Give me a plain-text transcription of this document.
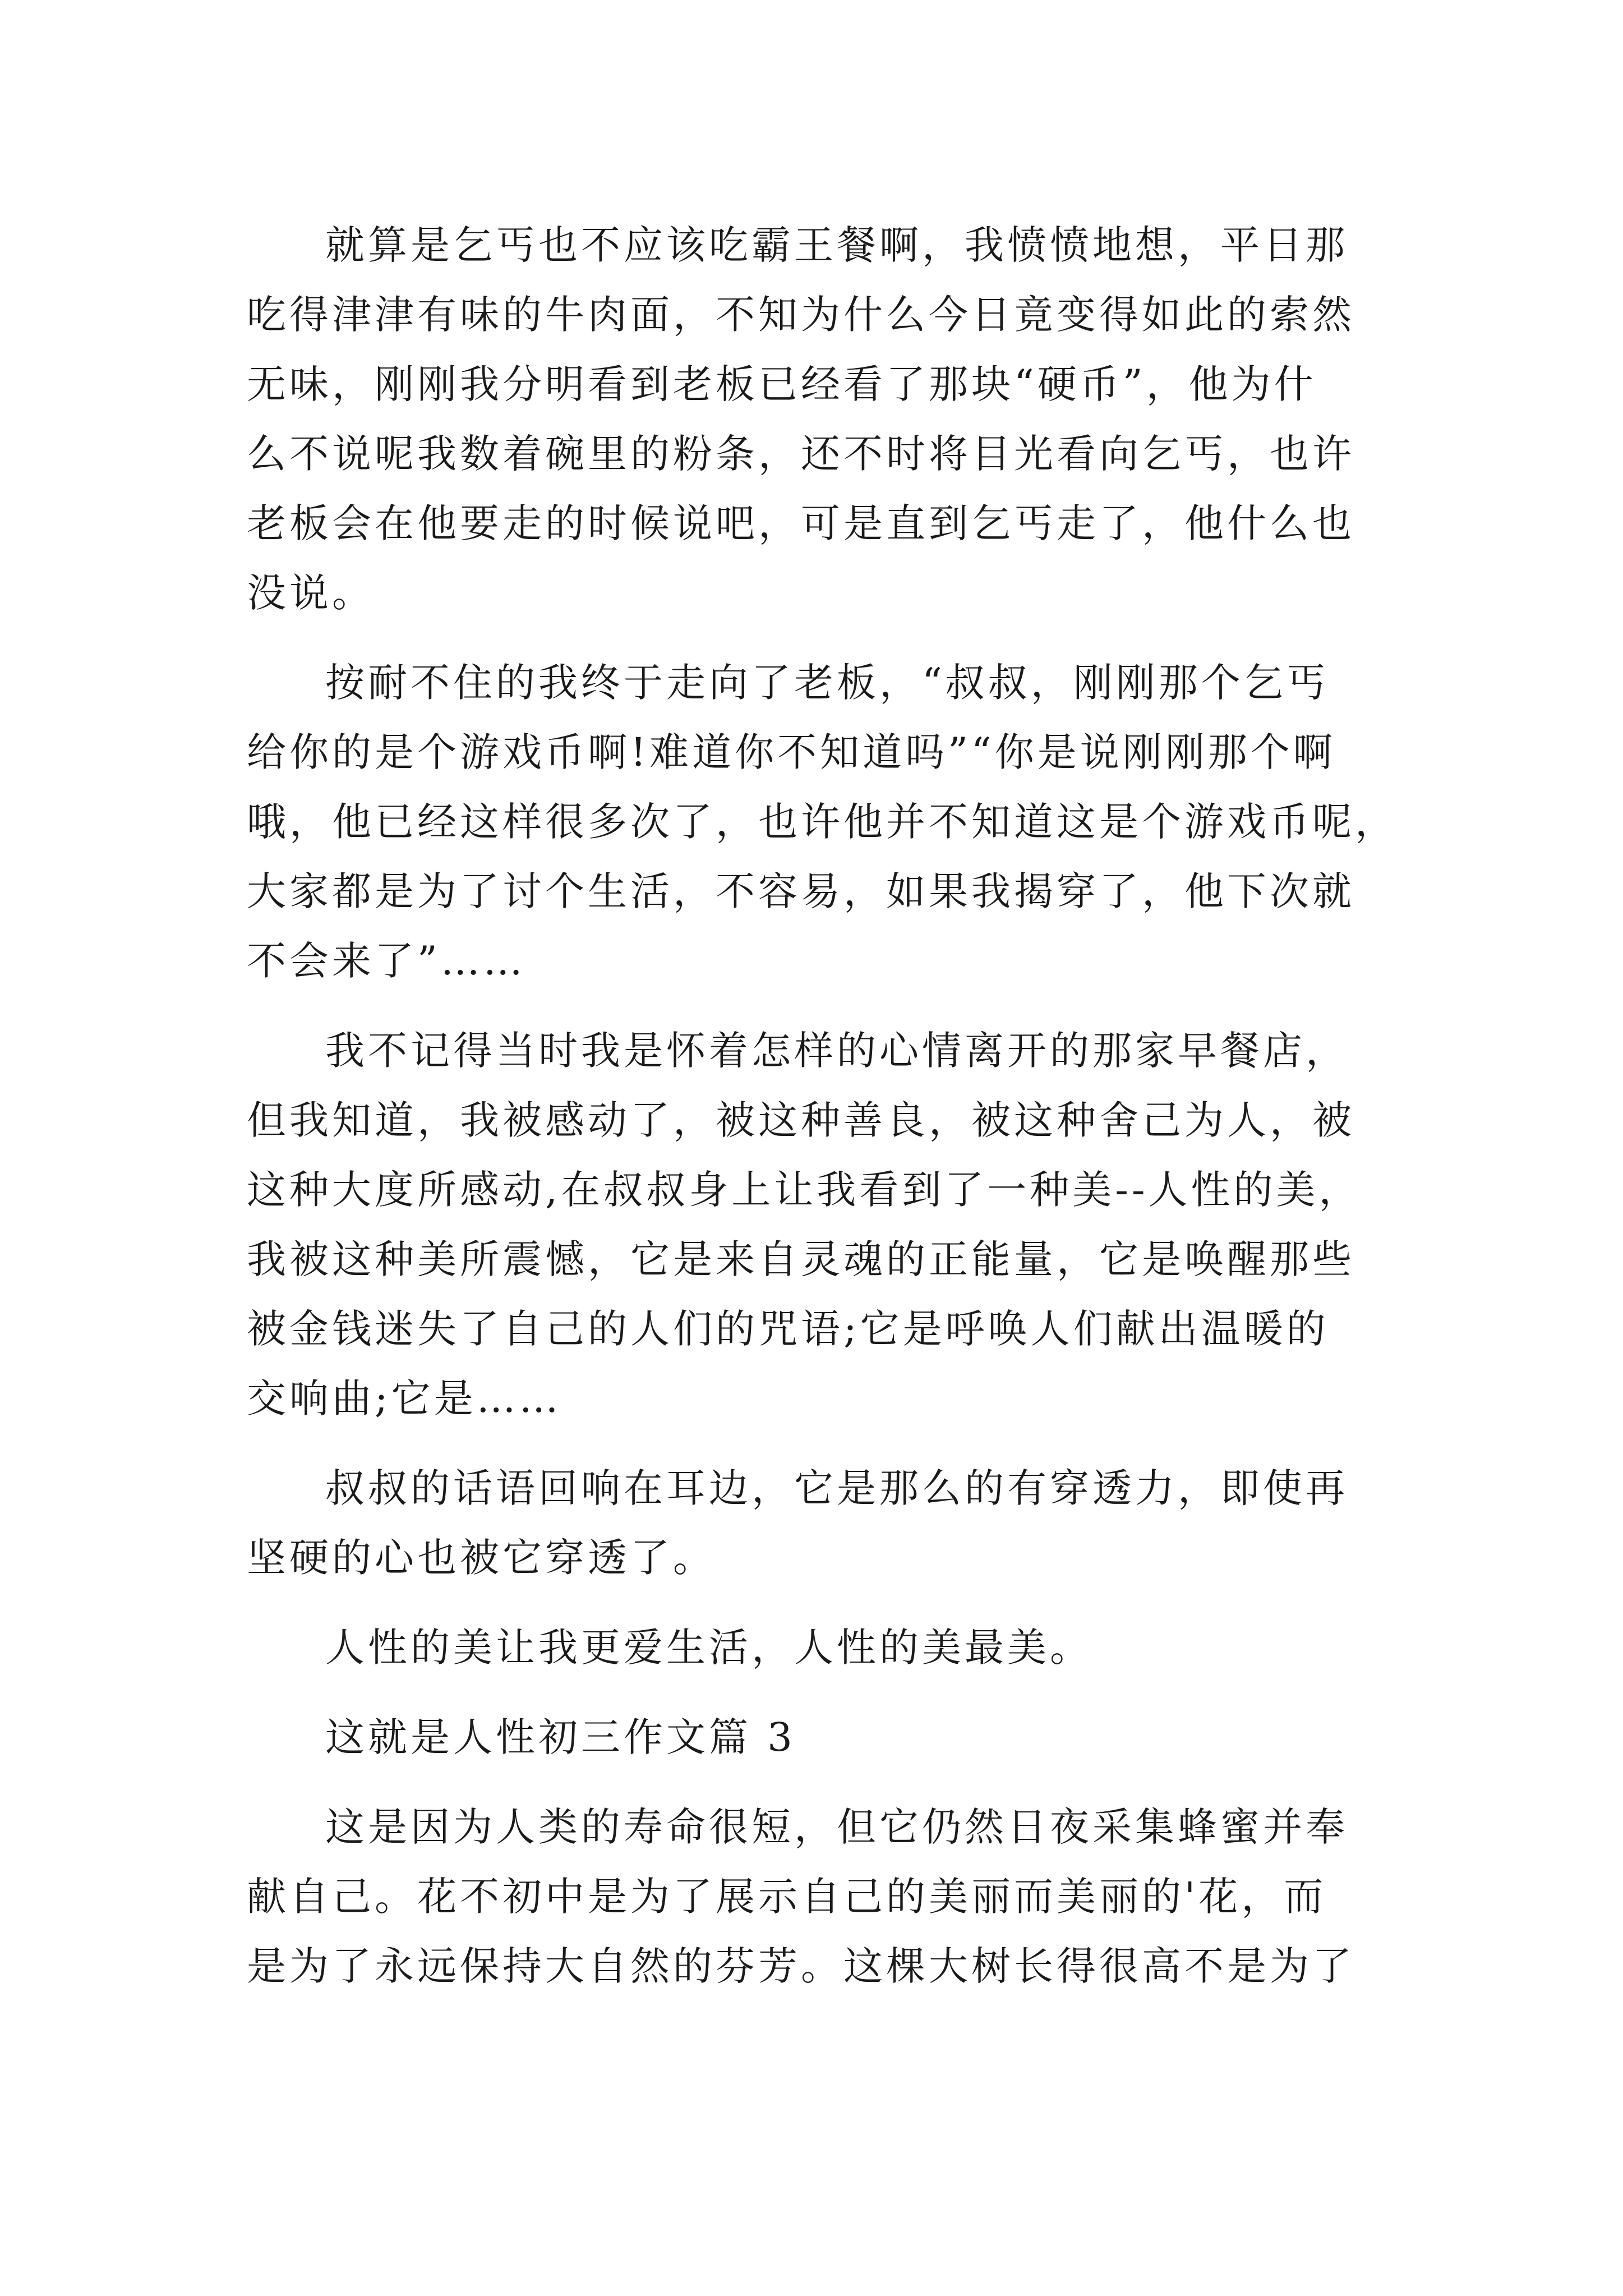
就算是乞丐也不应该吃霸王餐啊，我愤愤地想，平日那
吃得津津有味的牛肉面，不知为什么今日竟变得如此的索然
无味，刚刚我分明看到老板已经看了那块“硬币”，他为什
么不说呢我数着碗里的粉条，还不时将目光看向乞丐，也许
老板会在他要走的时候说吧，可是直到乞丐走了，他什么也
没说。
按耐不住的我终于走向了老板，“叔叔，刚刚那个乞丐
给你的是个游戏币啊!难道你不知道吗”“你是说刚刚那个啊
哦，他已经这样很多次了，也许他并不知道这是个游戏币呢，
大家都是为了讨个生活，不容易，如果我揭穿了，他下次就
不会来了”……
我不记得当时我是怀着怎样的心情离开的那家早餐店，
但我知道，我被感动了，被这种善良，被这种舍己为人，被
这种大度所感动,在叔叔身上让我看到了一种美--人性的美，
我被这种美所震憾，它是来自灵魂的正能量，它是唤醒那些
被金钱迷失了自己的人们的咒语;它是呼唤人们献出温暖的
交响曲;它是……
叔叔的话语回响在耳边，它是那么的有穿透力，即使再
坚硬的心也被它穿透了。
人性的美让我更爱生活，人性的美最美。
这就是人性初三作文篇 3
这是因为人类的寿命很短，但它仍然日夜采集蜂蜜并奉
献自己。花不初中是为了展示自己的美丽而美丽的'花，而
是为了永远保持大自然的芬芳。这棵大树长得很高不是为了
